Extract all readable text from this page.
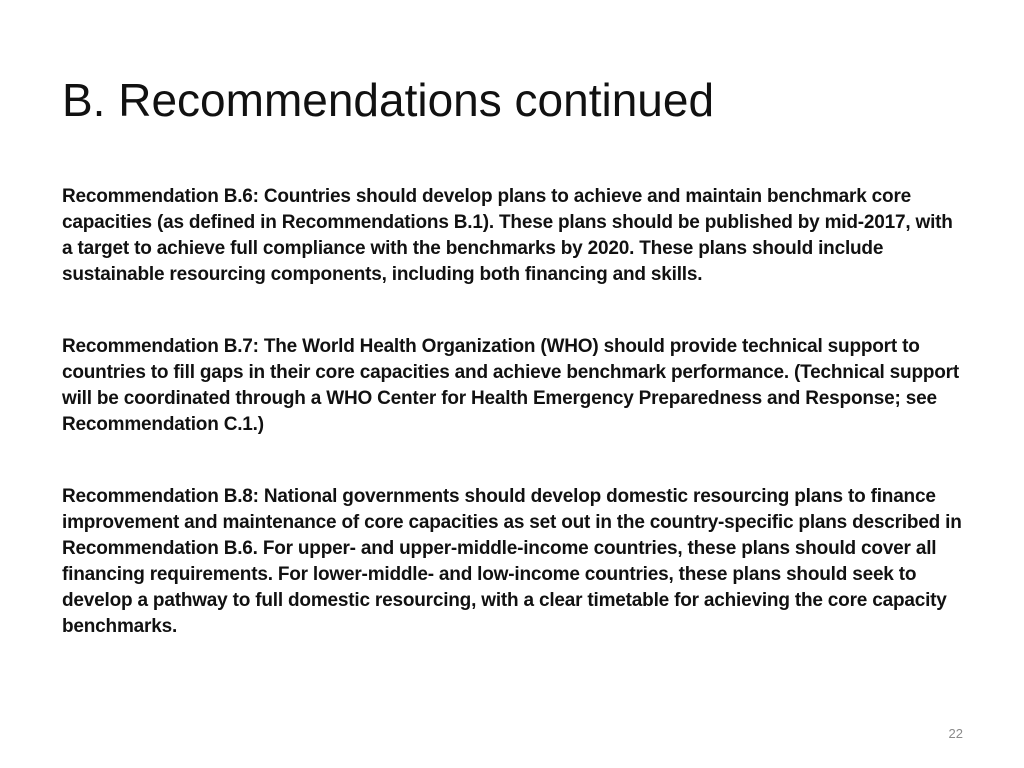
B. Recommendations continued

Recommendation B.6: Countries should develop plans to achieve and maintain benchmark core capacities (as defined in Recommendations B.1). These plans should be published by mid-2017, with a target to achieve full compliance with the benchmarks by 2020. These plans should include sustainable resourcing components, including both financing and skills.

Recommendation B.7: The World Health Organization (WHO) should provide technical support to countries to fill gaps in their core capacities and achieve benchmark performance. (Technical support will be coordinated through a WHO Center for Health Emergency Preparedness and Response; see Recommendation C.1.)

Recommendation B.8: National governments should develop domestic resourcing plans to finance improvement and maintenance of core capacities as set out in the country-specific plans described in Recommendation B.6. For upper- and upper-middle-income countries, these plans should cover all financing requirements. For lower-middle- and low-income countries, these plans should seek to develop a pathway to full domestic resourcing, with a clear timetable for achieving the core capacity benchmarks.

22
